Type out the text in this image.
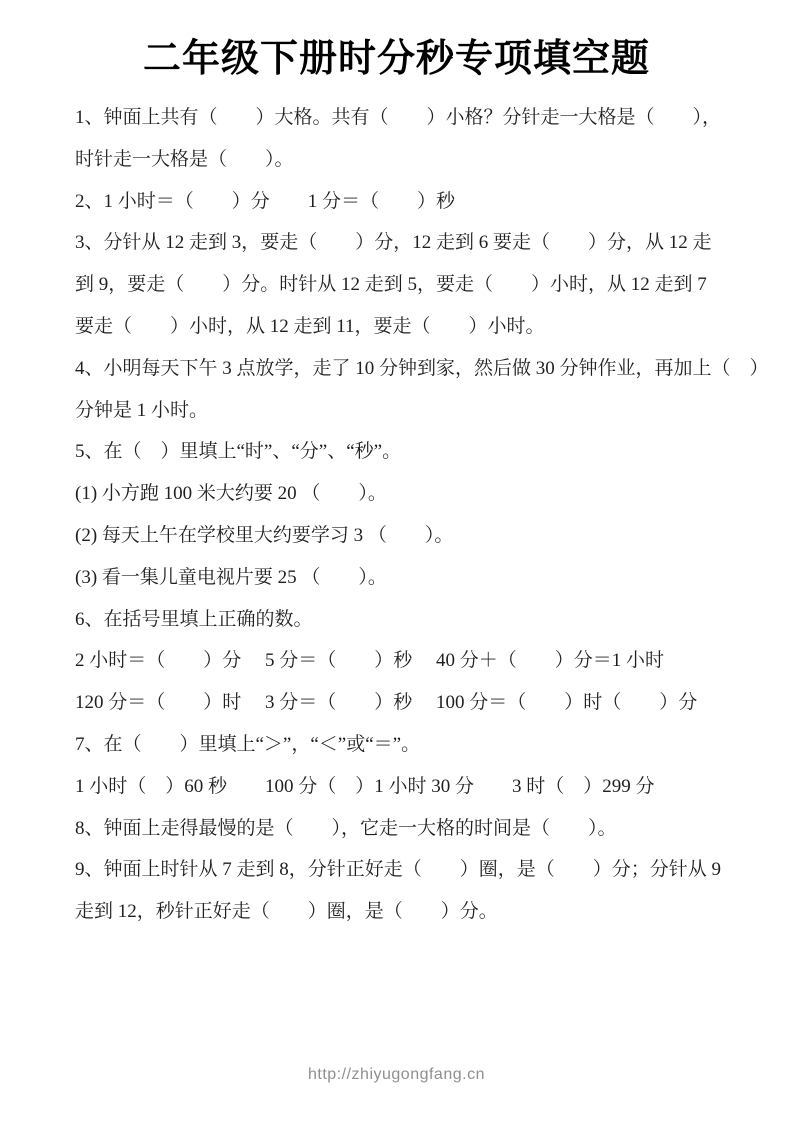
二年级下册时分秒专项填空题
1、钟面上共有（　　）大格。共有（　　）小格？分针走一大格是（　　），
时针走一大格是（　　）。
2、1 小时＝（　　）分　　1 分＝（　　）秒
3、分针从 12 走到 3，要走（　　）分，12 走到 6 要走（　　）分，从 12 走
到 9，要走（　　）分。时针从 12 走到 5，要走（　　）小时，从 12 走到 7
要走（　　）小时，从 12 走到 11，要走（　　）小时。
4、小明每天下午 3 点放学，走了 10 分钟到家，然后做 30 分钟作业，再加上（　）
分钟是 1 小时。
5、在（　）里填上“时”、“分”、“秒”。
(1) 小方跑 100 米大约要 20 （　　）。
(2) 每天上午在学校里大约要学习 3 （　　）。
(3) 看一集儿童电视片要 25 （　　）。
6、在括号里填上正确的数。
2 小时＝（　　）分　 5 分＝（　　）秒　 40 分＋（　　）分＝1 小时
120 分＝（　　）时　 3 分＝（　　）秒　 100 分＝（　　）时（　　）分
7、在（　　）里填上“＞”，“＜”或“＝”。
1 小时（　）60 秒　　100 分（　）1 小时 30 分　　3 时（　）299 分
8、钟面上走得最慢的是（　　），它走一大格的时间是（　　）。
9、钟面上时针从 7 走到 8，分针正好走（　　）圈，是（　　）分；分针从 9
走到 12，秒针正好走（　　）圈，是（　　）分。
http://zhiyugongfang.cn
